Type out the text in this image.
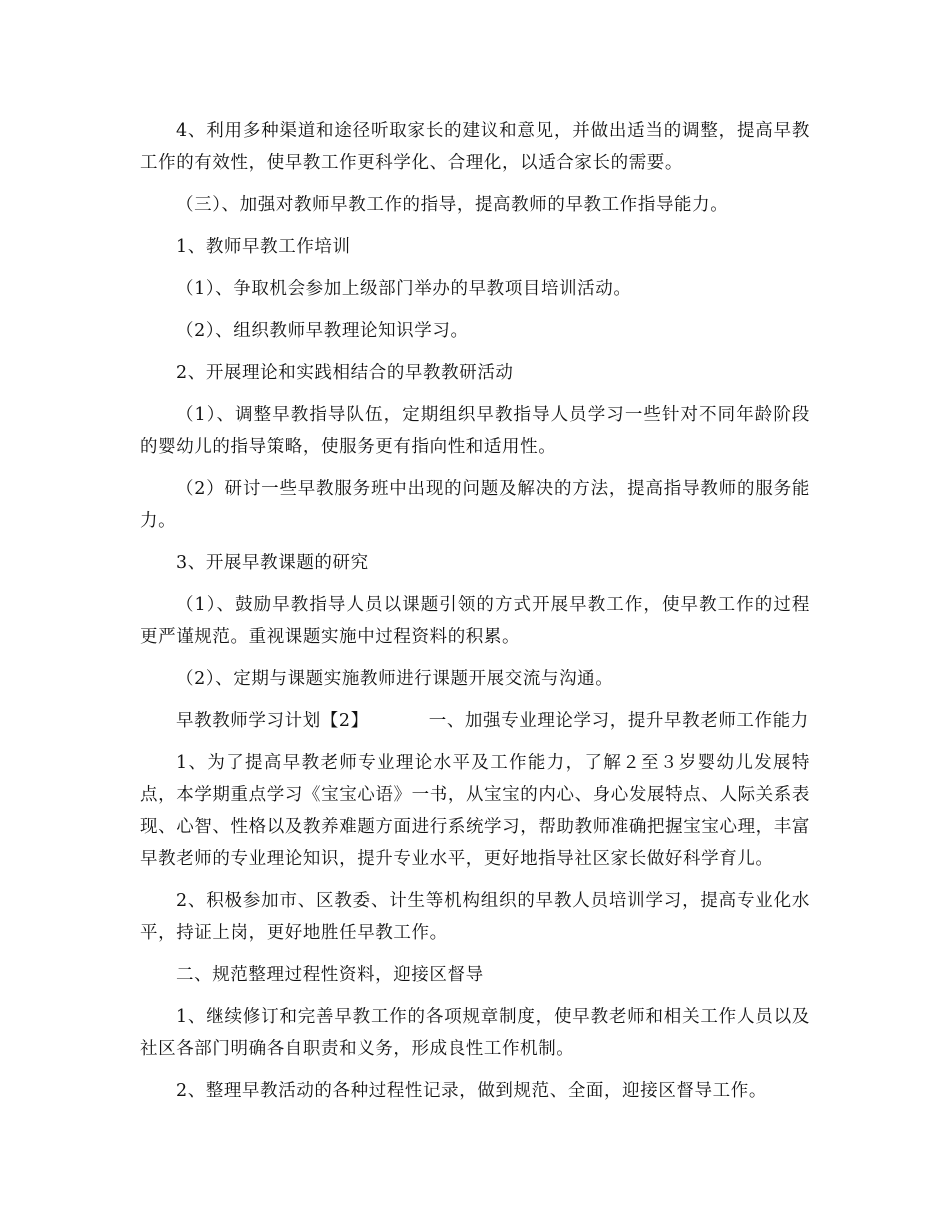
4、利用多种渠道和途径听取家长的建议和意见，并做出适当的调整，提高早教工作的有效性，使早教工作更科学化、合理化，以适合家长的需要。

（三）、加强对教师早教工作的指导，提高教师的早教工作指导能力。

1、教师早教工作培训

（1）、争取机会参加上级部门举办的早教项目培训活动。

（2）、组织教师早教理论知识学习。

2、开展理论和实践相结合的早教教研活动

（1）、调整早教指导队伍，定期组织早教指导人员学习一些针对不同年龄阶段的婴幼儿的指导策略，使服务更有指向性和适用性。

（2）研讨一些早教服务班中出现的问题及解决的方法，提高指导教师的服务能力。

3、开展早教课题的研究

（1）、鼓励早教指导人员以课题引领的方式开展早教工作，使早教工作的过程更严谨规范。重视课题实施中过程资料的积累。

（2）、定期与课题实施教师进行课题开展交流与沟通。

早教教师学习计划【2】	一、加强专业理论学习，提升早教老师工作能力

1、为了提高早教老师专业理论水平及工作能力，了解２至３岁婴幼儿发展特点，本学期重点学习《宝宝心语》一书，从宝宝的内心、身心发展特点、人际关系表现、心智、性格以及教养难题方面进行系统学习，帮助教师准确把握宝宝心理，丰富早教老师的专业理论知识，提升专业水平，更好地指导社区家长做好科学育儿。

2、积极参加市、区教委、计生等机构组织的早教人员培训学习，提高专业化水平，持证上岗，更好地胜任早教工作。

二、规范整理过程性资料，迎接区督导

1、继续修订和完善早教工作的各项规章制度，使早教老师和相关工作人员以及社区各部门明确各自职责和义务，形成良性工作机制。

2、整理早教活动的各种过程性记录，做到规范、全面，迎接区督导工作。
